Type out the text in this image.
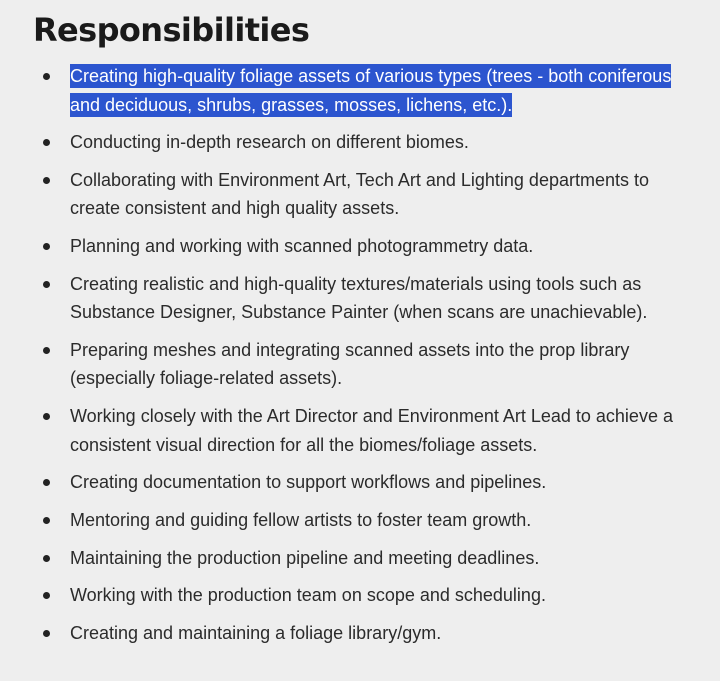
Responsibilities
Creating high-quality foliage assets of various types (trees - both coniferous and deciduous, shrubs, grasses, mosses, lichens, etc.).
Conducting in-depth research on different biomes.
Collaborating with Environment Art, Tech Art and Lighting departments to create consistent and high quality assets.
Planning and working with scanned photogrammetry data.
Creating realistic and high-quality textures/materials using tools such as Substance Designer, Substance Painter (when scans are unachievable).
Preparing meshes and integrating scanned assets into the prop library (especially foliage-related assets).
Working closely with the Art Director and Environment Art Lead to achieve a consistent visual direction for all the biomes/foliage assets.
Creating documentation to support workflows and pipelines.
Mentoring and guiding fellow artists to foster team growth.
Maintaining the production pipeline and meeting deadlines.
Working with the production team on scope and scheduling.
Creating and maintaining a foliage library/gym.
